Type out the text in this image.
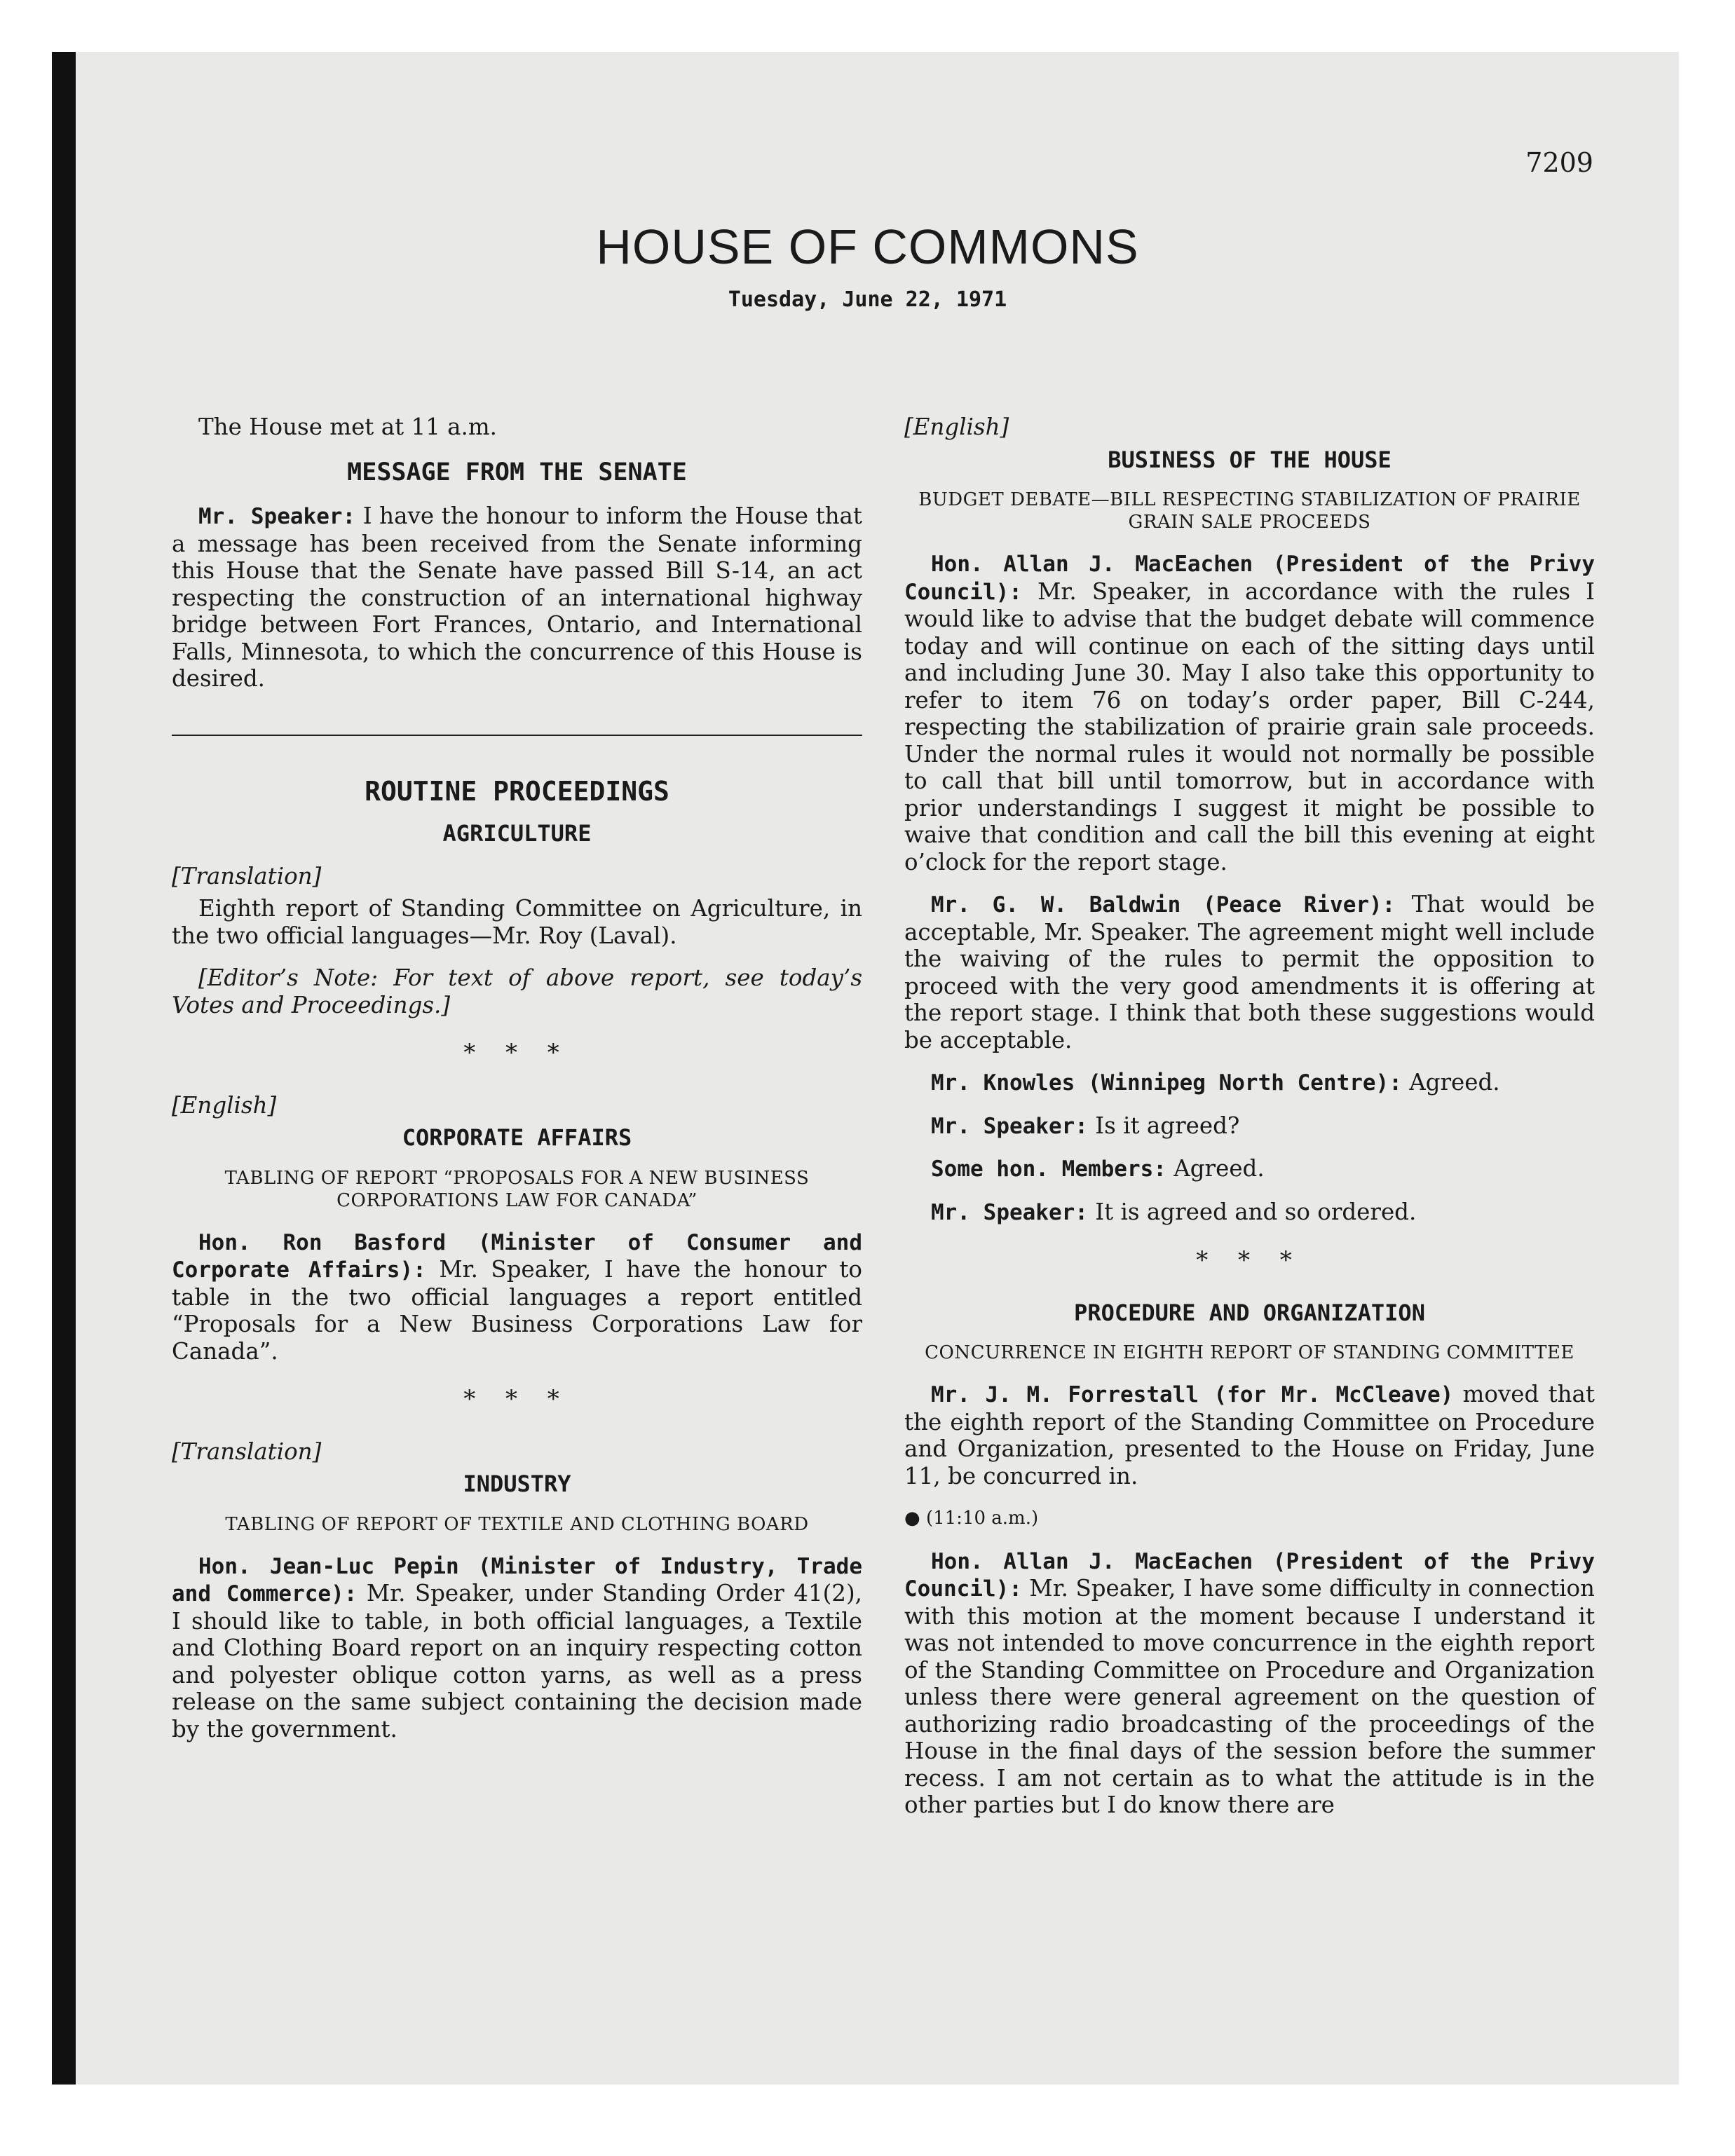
7209
HOUSE OF COMMONS
Tuesday, June 22, 1971

The House met at 11 a.m.

MESSAGE FROM THE SENATE

Mr. Speaker: I have the honour to inform the House that a message has been received from the Senate informing this House that the Senate have passed Bill S-14, an act respecting the construction of an international highway bridge between Fort Frances, Ontario, and International Falls, Minnesota, to which the concurrence of this House is desired.

ROUTINE PROCEEDINGS
AGRICULTURE
[Translation]

Eighth report of Standing Committee on Agriculture, in the two official languages—Mr. Roy (Laval).

[Editor’s Note: For text of above report, see today’s Votes and Proceedings.]

* * *
[English]
CORPORATE AFFAIRS
TABLING OF REPORT “PROPOSALS FOR A NEW BUSINESS CORPORATIONS LAW FOR CANADA”

Hon. Ron Basford (Minister of Consumer and Corporate Affairs): Mr. Speaker, I have the honour to table in the two official languages a report entitled “Proposals for a New Business Corporations Law for Canada”.

* * *
[Translation]
INDUSTRY
TABLING OF REPORT OF TEXTILE AND CLOTHING BOARD

Hon. Jean-Luc Pepin (Minister of Industry, Trade and Commerce): Mr. Speaker, under Standing Order 41(2), I should like to table, in both official languages, a Textile and Clothing Board report on an inquiry respecting cotton and polyester oblique cotton yarns, as well as a press release on the same subject containing the decision made by the government.

[English]
BUSINESS OF THE HOUSE
BUDGET DEBATE—BILL RESPECTING STABILIZATION OF PRAIRIE GRAIN SALE PROCEEDS

Hon. Allan J. MacEachen (President of the Privy Council): Mr. Speaker, in accordance with the rules I would like to advise that the budget debate will commence today and will continue on each of the sitting days until and including June 30. May I also take this opportunity to refer to item 76 on today’s order paper, Bill C-244, respecting the stabilization of prairie grain sale proceeds. Under the normal rules it would not normally be possible to call that bill until tomorrow, but in accordance with prior understandings I suggest it might be possible to waive that condition and call the bill this evening at eight o’clock for the report stage.

Mr. G. W. Baldwin (Peace River): That would be acceptable, Mr. Speaker. The agreement might well include the waiving of the rules to permit the opposition to proceed with the very good amendments it is offering at the report stage. I think that both these suggestions would be acceptable.

Mr. Knowles (Winnipeg North Centre): Agreed.

Mr. Speaker: Is it agreed?

Some hon. Members: Agreed.

Mr. Speaker: It is agreed and so ordered.

* * *
PROCEDURE AND ORGANIZATION
CONCURRENCE IN EIGHTH REPORT OF STANDING COMMITTEE

Mr. J. M. Forrestall (for Mr. McCleave) moved that the eighth report of the Standing Committee on Procedure and Organization, presented to the House on Friday, June 11, be concurred in.

● (11:10 a.m.)

Hon. Allan J. MacEachen (President of the Privy Council): Mr. Speaker, I have some difficulty in connection with this motion at the moment because I understand it was not intended to move concurrence in the eighth report of the Standing Committee on Procedure and Organization unless there were general agreement on the question of authorizing radio broadcasting of the proceedings of the House in the final days of the session before the summer recess. I am not certain as to what the attitude is in the other parties but I do know there are
